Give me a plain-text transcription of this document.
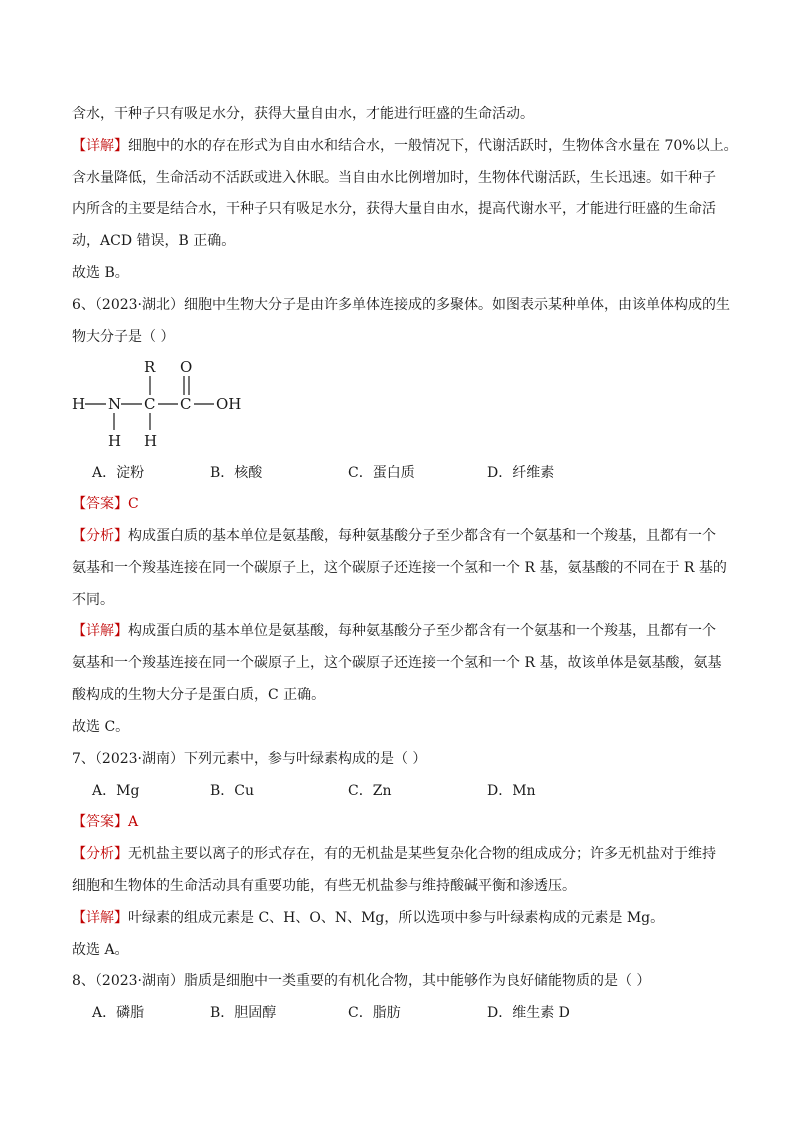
含水，干种子只有吸足水分，获得大量自由水，才能进行旺盛的生命活动。
【详解】细胞中的水的存在形式为自由水和结合水，一般情况下，代谢活跃时，生物体含水量在 70%以上。
含水量降低，生命活动不活跃或进入休眠。当自由水比例增加时，生物体代谢活跃，生长迅速。如干种子
内所含的主要是结合水，干种子只有吸足水分，获得大量自由水，提高代谢水平，才能进行旺盛的生命活
动，ACD 错误，B 正确。
故选 B。
6、（2023·湖北）细胞中生物大分子是由许多单体连接成的多聚体。如图表示某种单体，由该单体构成的生
物大分子是（ ）
H N C C OH
R O
H H
A．淀粉	B．核酸	C．蛋白质	D．纤维素
【答案】C
【分析】构成蛋白质的基本单位是氨基酸，每种氨基酸分子至少都含有一个氨基和一个羧基，且都有一个
氨基和一个羧基连接在同一个碳原子上，这个碳原子还连接一个氢和一个 R 基，氨基酸的不同在于 R 基的
不同。
【详解】构成蛋白质的基本单位是氨基酸，每种氨基酸分子至少都含有一个氨基和一个羧基，且都有一个
氨基和一个羧基连接在同一个碳原子上，这个碳原子还连接一个氢和一个 R 基，故该单体是氨基酸，氨基
酸构成的生物大分子是蛋白质，C 正确。
故选 C。
7、（2023·湖南）下列元素中，参与叶绿素构成的是（ ）
A．Mg	B．Cu	C．Zn	D．Mn
【答案】A
【分析】无机盐主要以离子的形式存在，有的无机盐是某些复杂化合物的组成成分；许多无机盐对于维持
细胞和生物体的生命活动具有重要功能，有些无机盐参与维持酸碱平衡和渗透压。
【详解】叶绿素的组成元素是 C、H、O、N、Mg，所以选项中参与叶绿素构成的元素是 Mg。
故选 A。
8、（2023·湖南）脂质是细胞中一类重要的有机化合物，其中能够作为良好储能物质的是（ ）
A．磷脂	B．胆固醇	C．脂肪	D．维生素 D
